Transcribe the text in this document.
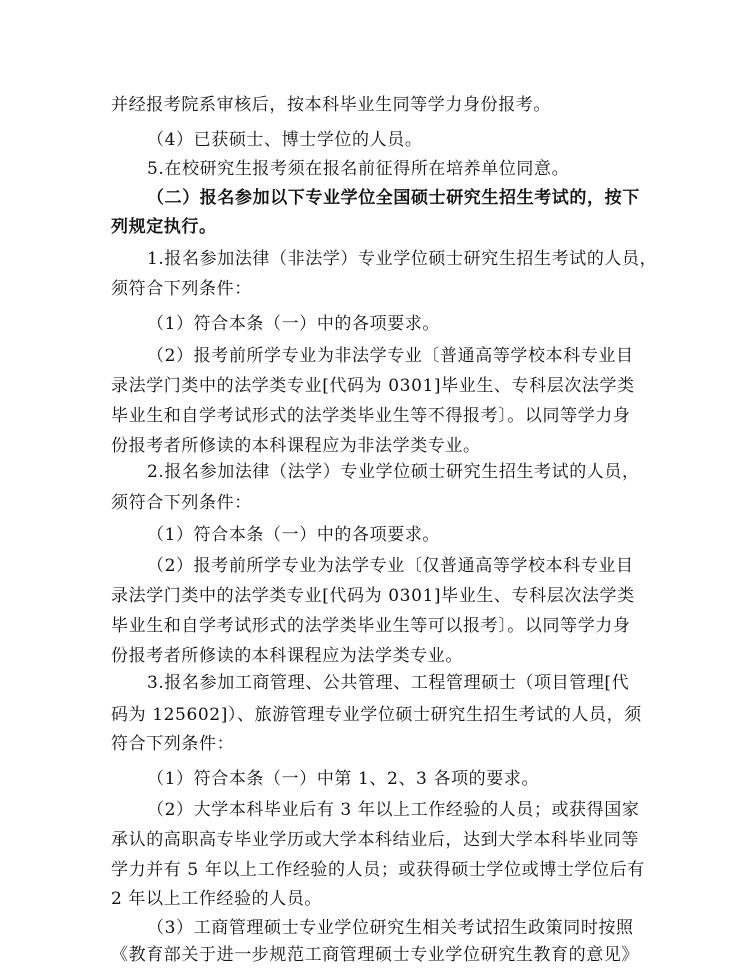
并经报考院系审核后，按本科毕业生同等学力身份报考。
（4）已获硕士、博士学位的人员。
5.在校研究生报考须在报名前征得所在培养单位同意。
（二）报名参加以下专业学位全国硕士研究生招生考试的，按下
列规定执行。
1.报名参加法律（非法学）专业学位硕士研究生招生考试的人员，
须符合下列条件：
（1）符合本条（一）中的各项要求。
（2）报考前所学专业为非法学专业〔普通高等学校本科专业目
录法学门类中的法学类专业[代码为 0301]毕业生、专科层次法学类
毕业生和自学考试形式的法学类毕业生等不得报考〕。以同等学力身
份报考者所修读的本科课程应为非法学类专业。
2.报名参加法律（法学）专业学位硕士研究生招生考试的人员，
须符合下列条件：
（1）符合本条（一）中的各项要求。
（2）报考前所学专业为法学专业〔仅普通高等学校本科专业目
录法学门类中的法学类专业[代码为 0301]毕业生、专科层次法学类
毕业生和自学考试形式的法学类毕业生等可以报考〕。以同等学力身
份报考者所修读的本科课程应为法学类专业。
3.报名参加工商管理、公共管理、工程管理硕士（项目管理[代
码为 125602]）、旅游管理专业学位硕士研究生招生考试的人员，须
符合下列条件：
（1）符合本条（一）中第 1、2、3 各项的要求。
（2）大学本科毕业后有 3 年以上工作经验的人员；或获得国家
承认的高职高专毕业学历或大学本科结业后，达到大学本科毕业同等
学力并有 5 年以上工作经验的人员；或获得硕士学位或博士学位后有
2 年以上工作经验的人员。
（3）工商管理硕士专业学位研究生相关考试招生政策同时按照
《教育部关于进一步规范工商管理硕士专业学位研究生教育的意见》
